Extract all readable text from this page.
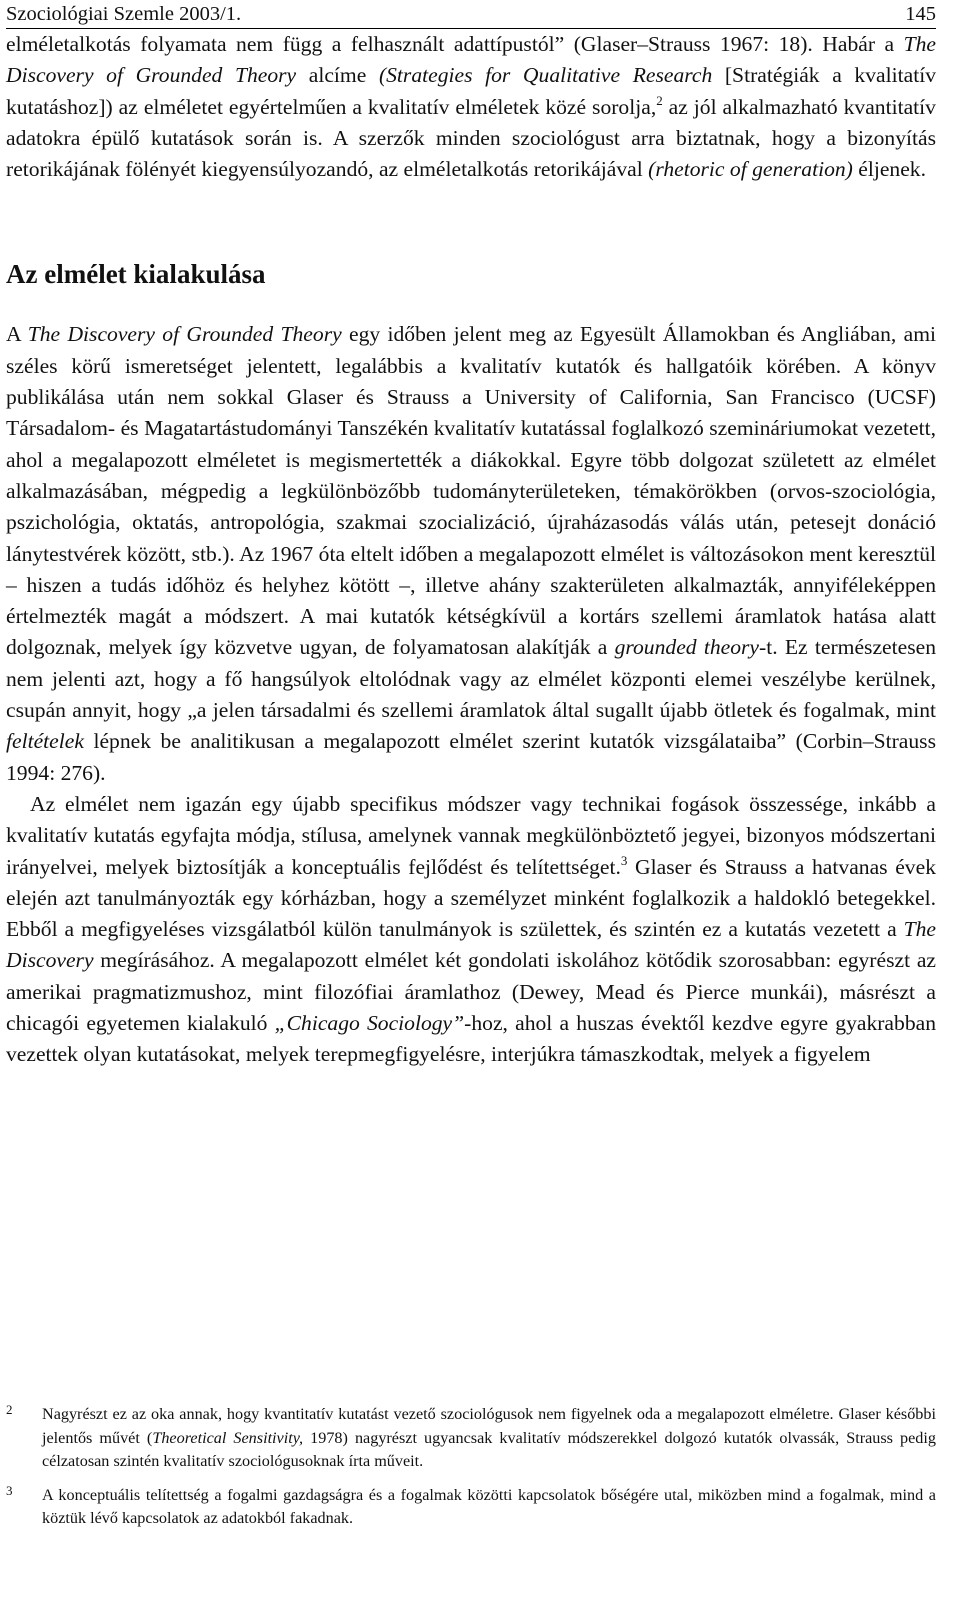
Szociológiai Szemle 2003/1.	145

elméletalkotás folyamata nem függ a felhasznált adattípustól” (Glaser–Strauss 1967: 18). Habár a The Discovery of Grounded Theory alcíme (Strategies for Qualitative Research [Stratégiák a kvalitatív kutatáshoz]) az elméletet egyértelműen a kvalitatív elméletek közé sorolja,$^2$ az jól alkalmazható kvantitatív adatokra épülő kutatások során is. A szerzők minden szociológust arra biztatnak, hogy a bizonyítás retorikájának fölényét kiegyensúlyozandó, az elméletalkotás retorikájával (rhetoric of generation) éljenek.

Az elmélet kialakulása

A The Discovery of Grounded Theory egy időben jelent meg az Egyesült Államokban és Angliában, ami széles körű ismeretséget jelentett, legalábbis a kvalitatív kutatók és hallgatóik körében. A könyv publikálása után nem sokkal Glaser és Strauss a University of California, San Francisco (UCSF) Társadalom- és Magatartástudományi Tanszékén kvalitatív kutatással foglalkozó szemináriumokat vezetett, ahol a megalapozott elméletet is megismertették a diákokkal. Egyre több dolgozat született az elmélet alkalmazásában, mégpedig a legkülönbözőbb tudományterületeken, témakörökben (orvos-szociológia, pszichológia, oktatás, antropológia, szakmai szocializáció, újraházasodás válás után, petesejt donáció lánytestvérek között, stb.). Az 1967 óta eltelt időben a megalapozott elmélet is változásokon ment keresztül – hiszen a tudás időhöz és helyhez kötött –, illetve ahány szakterületen alkalmazták, annyiféleképpen értelmezték magát a módszert. A mai kutatók kétségkívül a kortárs szellemi áramlatok hatása alatt dolgoznak, melyek így közvetve ugyan, de folyamatosan alakítják a grounded theory-t. Ez természetesen nem jelenti azt, hogy a fő hangsúlyok eltolódnak vagy az elmélet központi elemei veszélybe kerülnek, csupán annyit, hogy „a jelen társadalmi és szellemi áramlatok által sugallt újabb ötletek és fogalmak, mint feltételek lépnek be analitikusan a megalapozott elmélet szerint kutatók vizsgálataiba” (Corbin–Strauss 1994: 276).

Az elmélet nem igazán egy újabb specifikus módszer vagy technikai fogások összessége, inkább a kvalitatív kutatás egyfajta módja, stílusa, amelynek vannak megkülönböztető jegyei, bizonyos módszertani irányelvei, melyek biztosítják a konceptuális fejlődést és telítettséget.$^3$ Glaser és Strauss a hatvanas évek elején azt tanulmányozták egy kórházban, hogy a személyzet minként foglalkozik a haldokló betegekkel. Ebből a megfigyeléses vizsgálatból külön tanulmányok is születtek, és szintén ez a kutatás vezetett a The Discovery megírásához. A megalapozott elmélet két gondolati iskolához kötődik szorosabban: egyrészt az amerikai pragmatizmushoz, mint filozófiai áramlathoz (Dewey, Mead és Pierce munkái), másrészt a chicagói egyetemen kialakuló „Chicago Sociology”-hoz, ahol a huszas évektől kezdve egyre gyakrabban vezettek olyan kutatásokat, melyek terepmegfigyelésre, interjúkra támaszkodtak, melyek a figyelem

2	Nagyrészt ez az oka annak, hogy kvantitatív kutatást vezető szociológusok nem figyelnek oda a megalapozott elméletre. Glaser későbbi jelentős művét (Theoretical Sensitivity, 1978) nagyrészt ugyancsak kvalitatív módszerekkel dolgozó kutatók olvassák, Strauss pedig célzatosan szintén kvalitatív szociológusoknak írta műveit.
3	A konceptuális telítettség a fogalmi gazdagságra és a fogalmak közötti kapcsolatok bőségére utal, miközben mind a fogalmak, mind a köztük lévő kapcsolatok az adatokból fakadnak.
